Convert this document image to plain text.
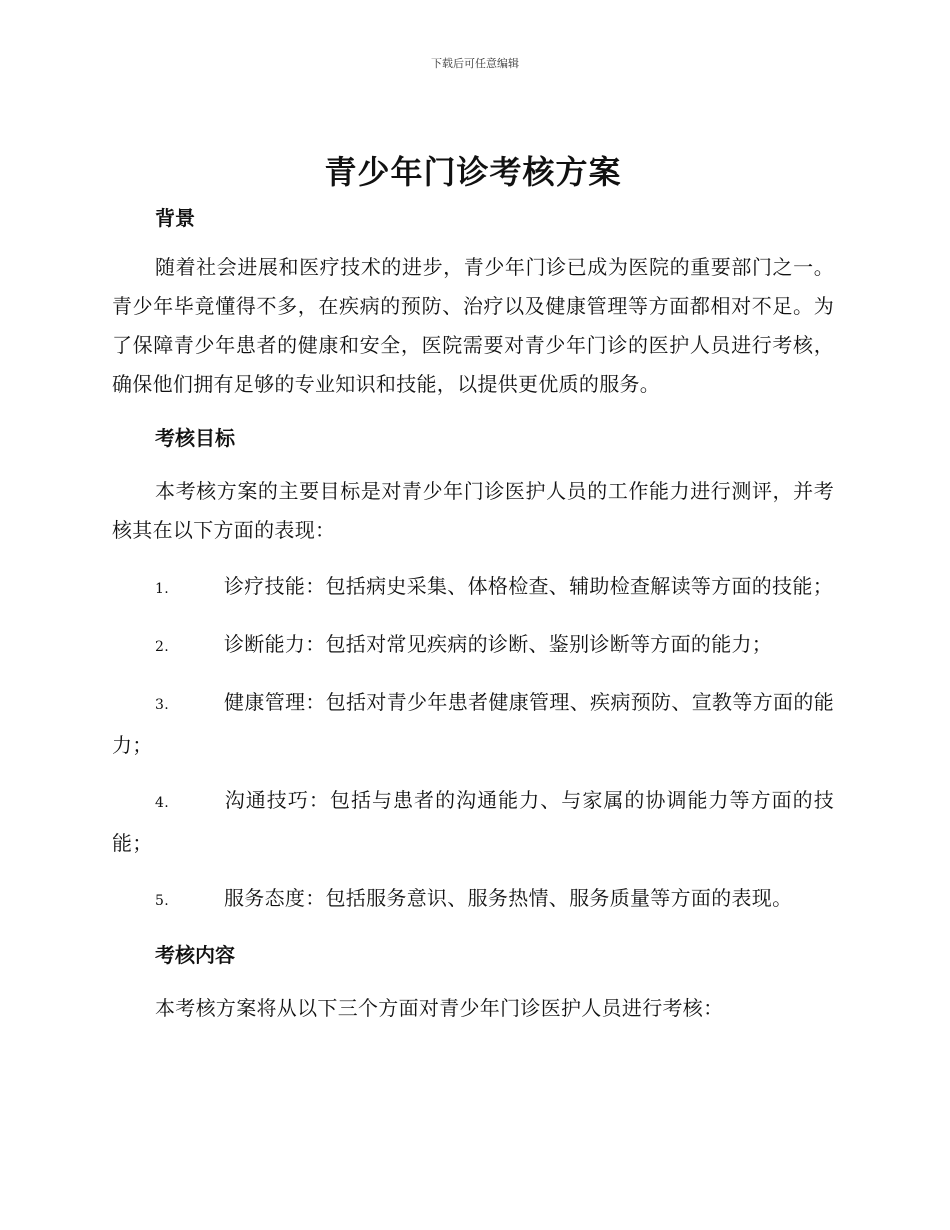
下载后可任意编辑
青少年门诊考核方案
背景

随着社会进展和医疗技术的进步，青少年门诊已成为医院的重要部门之一。青少年毕竟懂得不多，在疾病的预防、治疗以及健康管理等方面都相对不足。为了保障青少年患者的健康和安全，医院需要对青少年门诊的医护人员进行考核，确保他们拥有足够的专业知识和技能，以提供更优质的服务。

考核目标

本考核方案的主要目标是对青少年门诊医护人员的工作能力进行测评，并考核其在以下方面的表现：

1.	诊疗技能：包括病史采集、体格检查、辅助检查解读等方面的技能；

2.	诊断能力：包括对常见疾病的诊断、鉴别诊断等方面的能力；

3.	健康管理：包括对青少年患者健康管理、疾病预防、宣教等方面的能力；

4.	沟通技巧：包括与患者的沟通能力、与家属的协调能力等方面的技能；

5.	服务态度：包括服务意识、服务热情、服务质量等方面的表现。

考核内容

本考核方案将从以下三个方面对青少年门诊医护人员进行考核：
